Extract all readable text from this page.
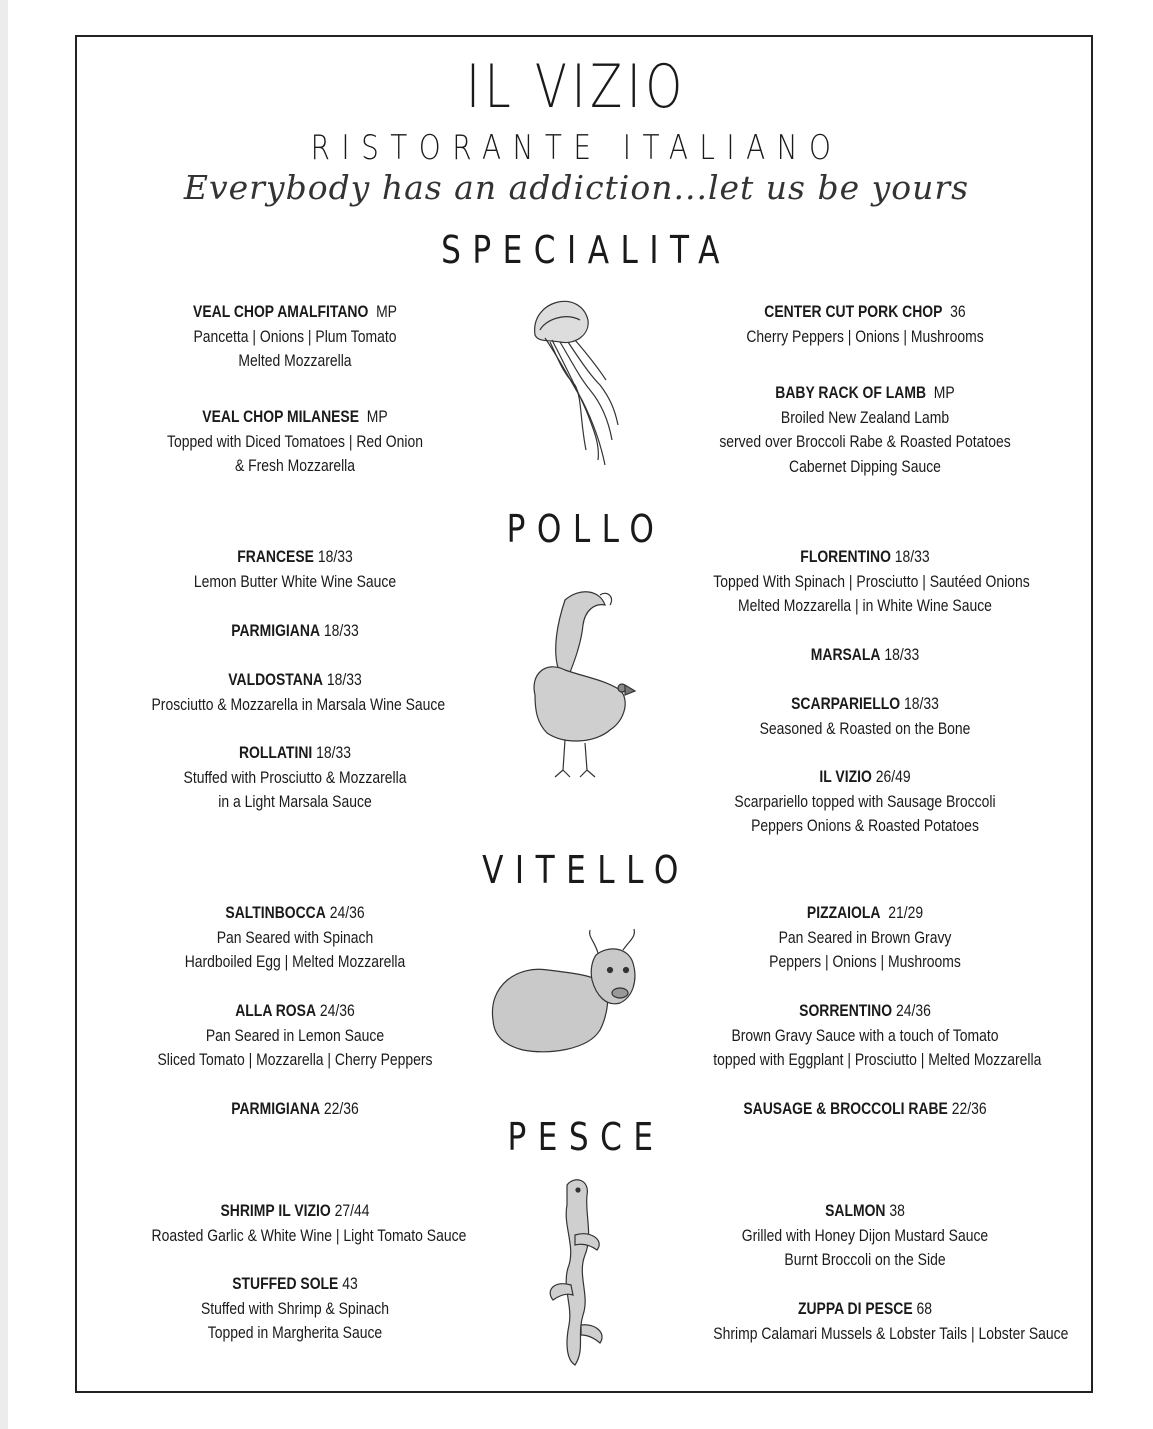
IL VIZIO
RISTORANTE ITALIANO
Everybody has an addiction...let us be yours
SPECIALITA
POLLO
VITELLO
PESCE
VEAL CHOP AMALFITANO MP
Pancetta | Onions | Plum Tomato
Melted Mozzarella
VEAL CHOP MILANESE MP
Topped with Diced Tomatoes | Red Onion
& Fresh Mozzarella
CENTER CUT PORK CHOP 36
Cherry Peppers | Onions | Mushrooms
BABY RACK OF LAMB MP
Broiled New Zealand Lamb
served over Broccoli Rabe & Roasted Potatoes
Cabernet Dipping Sauce
FRANCESE 18/33
Lemon Butter White Wine Sauce
PARMIGIANA 18/33
VALDOSTANA 18/33
Prosciutto & Mozzarella in Marsala Wine Sauce
ROLLATINI 18/33
Stuffed with Prosciutto & Mozzarella
in a Light Marsala Sauce
FLORENTINO 18/33
Topped With Spinach | Prosciutto | Sautéed Onions
Melted Mozzarella | in White Wine Sauce
MARSALA 18/33
SCARPARIELLO 18/33
Seasoned & Roasted on the Bone
IL VIZIO 26/49
Scarpariello topped with Sausage Broccoli
Peppers Onions & Roasted Potatoes
SALTINBOCCA 24/36
Pan Seared with Spinach
Hardboiled Egg | Melted Mozzarella
ALLA ROSA 24/36
Pan Seared in Lemon Sauce
Sliced Tomato | Mozzarella | Cherry Peppers
PARMIGIANA 22/36
PIZZAIOLA 21/29
Pan Seared in Brown Gravy
Peppers | Onions | Mushrooms
SORRENTINO 24/36
Brown Gravy Sauce with a touch of Tomato
topped with Eggplant | Prosciutto | Melted Mozzarella
SAUSAGE & BROCCOLI RABE 22/36
SHRIMP IL VIZIO 27/44
Roasted Garlic & White Wine | Light Tomato Sauce
STUFFED SOLE 43
Stuffed with Shrimp & Spinach
Topped in Margherita Sauce
SALMON 38
Grilled with Honey Dijon Mustard Sauce
Burnt Broccoli on the Side
ZUPPA DI PESCE 68
Shrimp Calamari Mussels & Lobster Tails | Lobster Sauce
